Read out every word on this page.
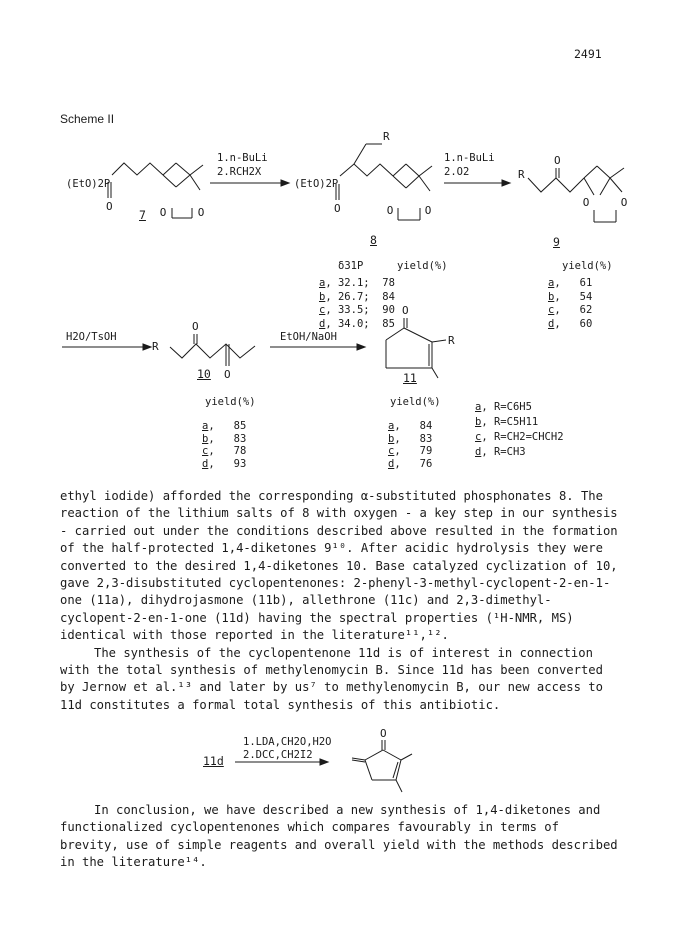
2491
Scheme II
O	O
O	O	O
O
R
O
R
O	O
O
O
R
O
R
O
(EtO)2P	(EtO)2P
1.n-BuLi
2.RCH2X
1.n-BuLi
2.O2
7
8	9
δ31P	yield(%)	yield(%)
a, 32.1; 78
b, 26.7; 84
c, 33.5; 90
d, 34.0; 85
a,   61
b,   54
c,   62
d,   60
H2O/TsOH	EtOH/NaOH
10	11
yield(%)	yield(%)
a,   85
b,   83
c,   78
d,   93
a,   84
b,   83
c,   79
d,   76
a, R=C6H5
b, R=C5H11
c, R=CH2=CHCH2
d, R=CH3

ethyl iodide) afforded the corresponding α-substituted phosphonates 8. The reaction of the lithium salts of 8 with oxygen - a key step in our synthesis - carried out under the conditions described above resulted in the formation of the half-protected 1,4-diketones 9¹⁰. After acidic hydrolysis they were converted to the desired 1,4-diketones 10. Base catalyzed cyclization of 10, gave 2,3-disubstituted cyclopentenones: 2-phenyl-3-methyl-cyclopent-2-en-1-one (11a), dihydrojasmone (11b), allethrone (11c) and 2,3-dimethyl-cyclopent-2-en-1-one (11d) having the spectral properties (¹H-NMR, MS) identical with those reported in the literature¹¹,¹².

The synthesis of the cyclopentenone 11d is of interest in connection with the total synthesis of methylenomycin B. Since 11d has been converted by Jernow et al.¹³ and later by us⁷ to methylenomycin B, our new access to 11d constitutes a formal total synthesis of this antibiotic.

11d
1.LDA,CH2O,H2O
2.DCC,CH2I2
In conclusion, we have described a new synthesis of 1,4-diketones and functionalized cyclopentenones which compares favourably in terms of brevity, use of simple reagents and overall yield with the methods described in the literature¹⁴.
